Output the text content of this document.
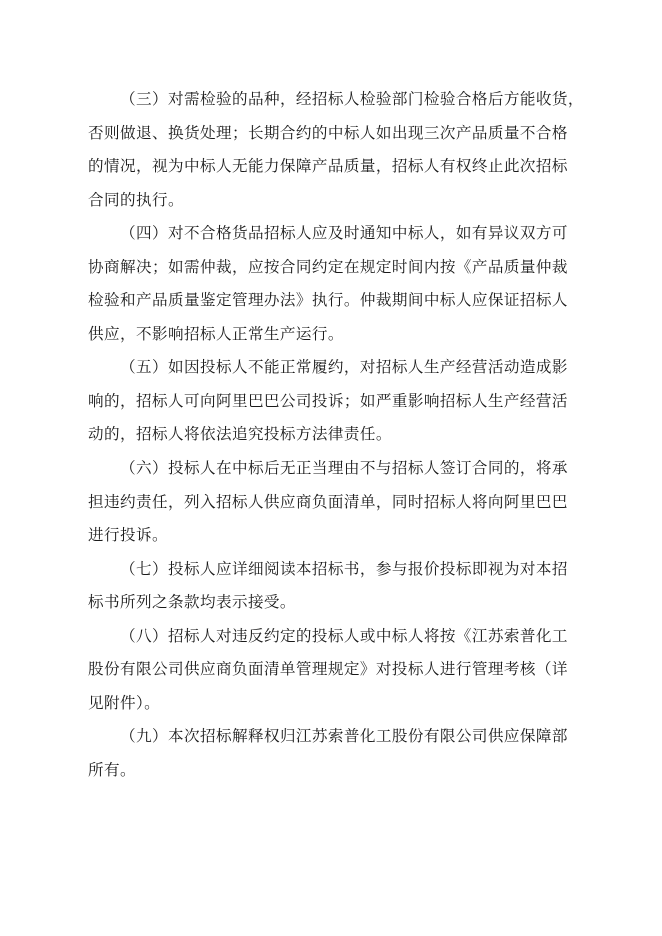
（三）对需检验的品种，经招标人检验部门检验合格后方能收货，
否则做退、换货处理；长期合约的中标人如出现三次产品质量不合格
的情况，视为中标人无能力保障产品质量，招标人有权终止此次招标
合同的执行。
（四）对不合格货品招标人应及时通知中标人，如有异议双方可
协商解决；如需仲裁，应按合同约定在规定时间内按《产品质量仲裁
检验和产品质量鉴定管理办法》执行。仲裁期间中标人应保证招标人
供应，不影响招标人正常生产运行。
（五）如因投标人不能正常履约，对招标人生产经营活动造成影
响的，招标人可向阿里巴巴公司投诉；如严重影响招标人生产经营活
动的，招标人将依法追究投标方法律责任。
（六）投标人在中标后无正当理由不与招标人签订合同的，将承
担违约责任，列入招标人供应商负面清单，同时招标人将向阿里巴巴
进行投诉。
（七）投标人应详细阅读本招标书，参与报价投标即视为对本招
标书所列之条款均表示接受。
（八）招标人对违反约定的投标人或中标人将按《江苏索普化工
股份有限公司供应商负面清单管理规定》对投标人进行管理考核（详
见附件）。
（九）本次招标解释权归江苏索普化工股份有限公司供应保障部
所有。
